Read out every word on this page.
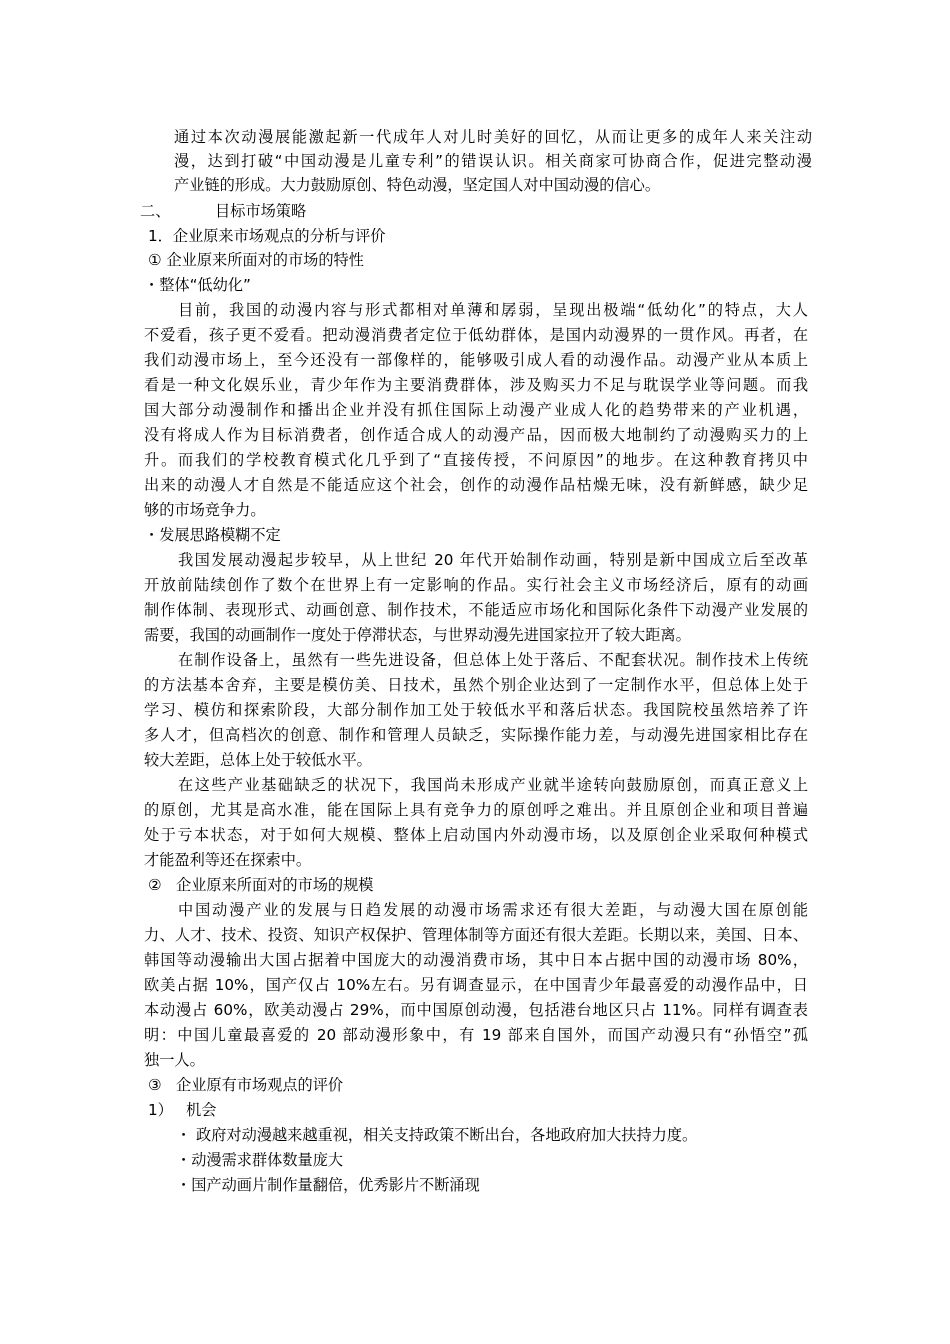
通过本次动漫展能激起新一代成年人对儿时美好的回忆，从而让更多的成年人来关注动
漫，达到打破“中国动漫是儿童专利”的错误认识。相关商家可协商合作，促进完整动漫
产业链的形成。大力鼓励原创、特色动漫，坚定国人对中国动漫的信心。
二、	目标市场策略
1．企业原来市场观点的分析与评价
① 企业原来所面对的市场的特性
・整体“低幼化”
目前，我国的动漫内容与形式都相对单薄和孱弱，呈现出极端“低幼化”的特点，大人
不爱看，孩子更不爱看。把动漫消费者定位于低幼群体，是国内动漫界的一贯作风。再者，在
我们动漫市场上，至今还没有一部像样的，能够吸引成人看的动漫作品。动漫产业从本质上
看是一种文化娱乐业，青少年作为主要消费群体，涉及购买力不足与耽误学业等问题。而我
国大部分动漫制作和播出企业并没有抓住国际上动漫产业成人化的趋势带来的产业机遇，
没有将成人作为目标消费者，创作适合成人的动漫产品，因而极大地制约了动漫购买力的上
升。而我们的学校教育模式化几乎到了“直接传授，不问原因”的地步。在这种教育拷贝中
出来的动漫人才自然是不能适应这个社会，创作的动漫作品枯燥无味，没有新鲜感，缺少足
够的市场竞争力。
・发展思路模糊不定
我国发展动漫起步较早，从上世纪 20 年代开始制作动画，特别是新中国成立后至改革
开放前陆续创作了数个在世界上有一定影响的作品。实行社会主义市场经济后，原有的动画
制作体制、表现形式、动画创意、制作技术，不能适应市场化和国际化条件下动漫产业发展的
需要，我国的动画制作一度处于停滞状态，与世界动漫先进国家拉开了较大距离。
在制作设备上，虽然有一些先进设备，但总体上处于落后、不配套状况。制作技术上传统
的方法基本舍弃，主要是模仿美、日技术，虽然个别企业达到了一定制作水平，但总体上处于
学习、模仿和探索阶段，大部分制作加工处于较低水平和落后状态。我国院校虽然培养了许
多人才，但高档次的创意、制作和管理人员缺乏，实际操作能力差，与动漫先进国家相比存在
较大差距，总体上处于较低水平。
在这些产业基础缺乏的状况下，我国尚未形成产业就半途转向鼓励原创，而真正意义上
的原创，尤其是高水准，能在国际上具有竞争力的原创呼之难出。并且原创企业和项目普遍
处于亏本状态，对于如何大规模、整体上启动国内外动漫市场，以及原创企业采取何种模式
才能盈利等还在探索中。
② 企业原来所面对的市场的规模
中国动漫产业的发展与日趋发展的动漫市场需求还有很大差距，与动漫大国在原创能
力、人才、技术、投资、知识产权保护、管理体制等方面还有很大差距。长期以来，美国、日本、
韩国等动漫输出大国占据着中国庞大的动漫消费市场，其中日本占据中国的动漫市场 80%，
欧美占据 10%，国产仅占 10%左右。另有调查显示，在中国青少年最喜爱的动漫作品中，日
本动漫占 60%，欧美动漫占 29%，而中国原创动漫，包括港台地区只占 11%。同样有调查表
明：中国儿童最喜爱的 20 部动漫形象中，有 19 部来自国外，而国产动漫只有“孙悟空”孤
独一人。
③ 企业原有市场观点的评价
1） 机会
・ 政府对动漫越来越重视，相关支持政策不断出台，各地政府加大扶持力度。
・动漫需求群体数量庞大
・国产动画片制作量翻倍，优秀影片不断涌现
